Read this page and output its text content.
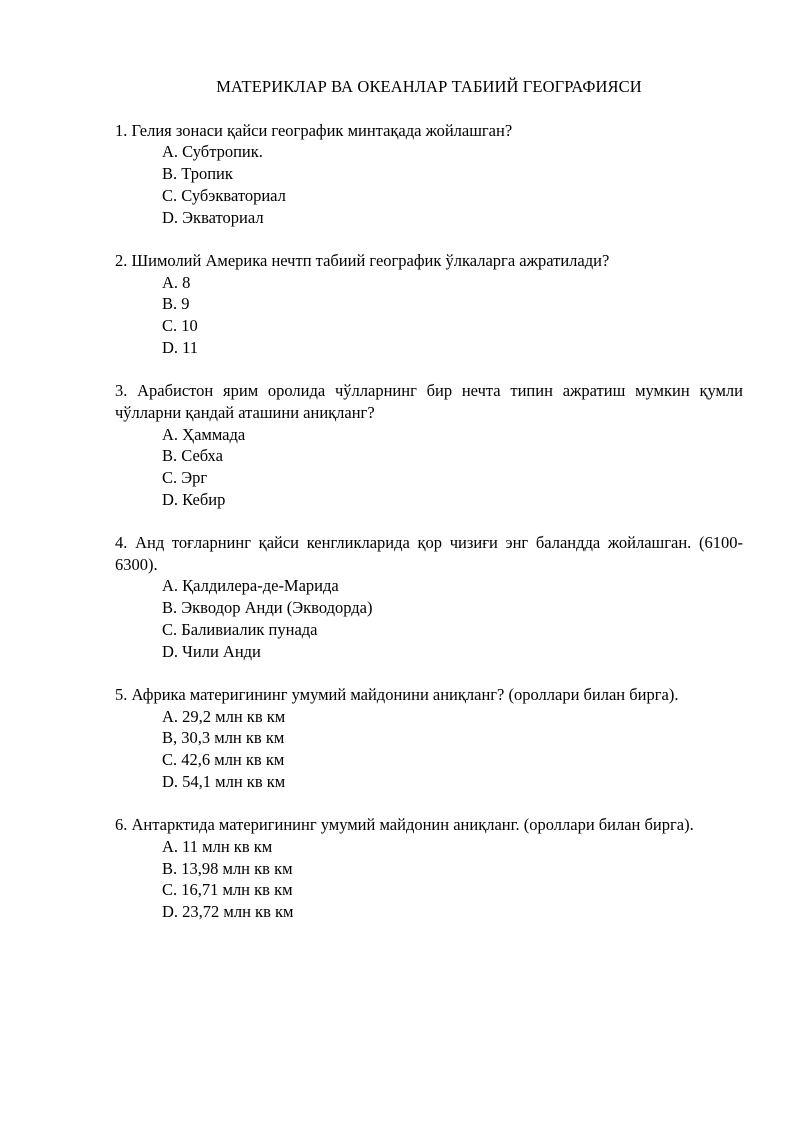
МАТЕРИКЛАР ВА ОКЕАНЛАР ТАБИИЙ ГЕОГРАФИЯСИ

1. Гелия зонаси қайси географик минтақада жойлашган?

A. Субтропик.
B. Тропик
C. Субэкваториал
D. Экваториал

2. Шимолий Америка нечтп табиий географик ўлкаларга ажратилади?

A. 8
B. 9
C. 10
D. 11

3. Арабистон ярим оролида чўлларнинг бир нечта типин ажратиш мумкин қумли чўлларни қандай аташини аниқланг?

A. Ҳаммада
B. Себха
C. Эрг
D. Кебир

4. Анд тоғларнинг қайси кенгликларида қор чизиғи энг баландда жойлашган. (6100-6300).

A. Қалдилера-де-Марида
B. Экводор Анди (Экводорда)
C. Баливиалик пунада
D. Чили Анди

5. Африка материгининг умумий майдонини аниқланг? (ороллари билан бирга).

A. 29,2 млн кв км
B, 30,3 млн кв км
C. 42,6 млн кв км
D. 54,1 млн кв км

6. Антарктида материгининг умумий майдонин аниқланг. (ороллари билан бирга).

A. 11 млн кв км
B. 13,98 млн кв км
C. 16,71 млн кв км
D. 23,72 млн кв км
